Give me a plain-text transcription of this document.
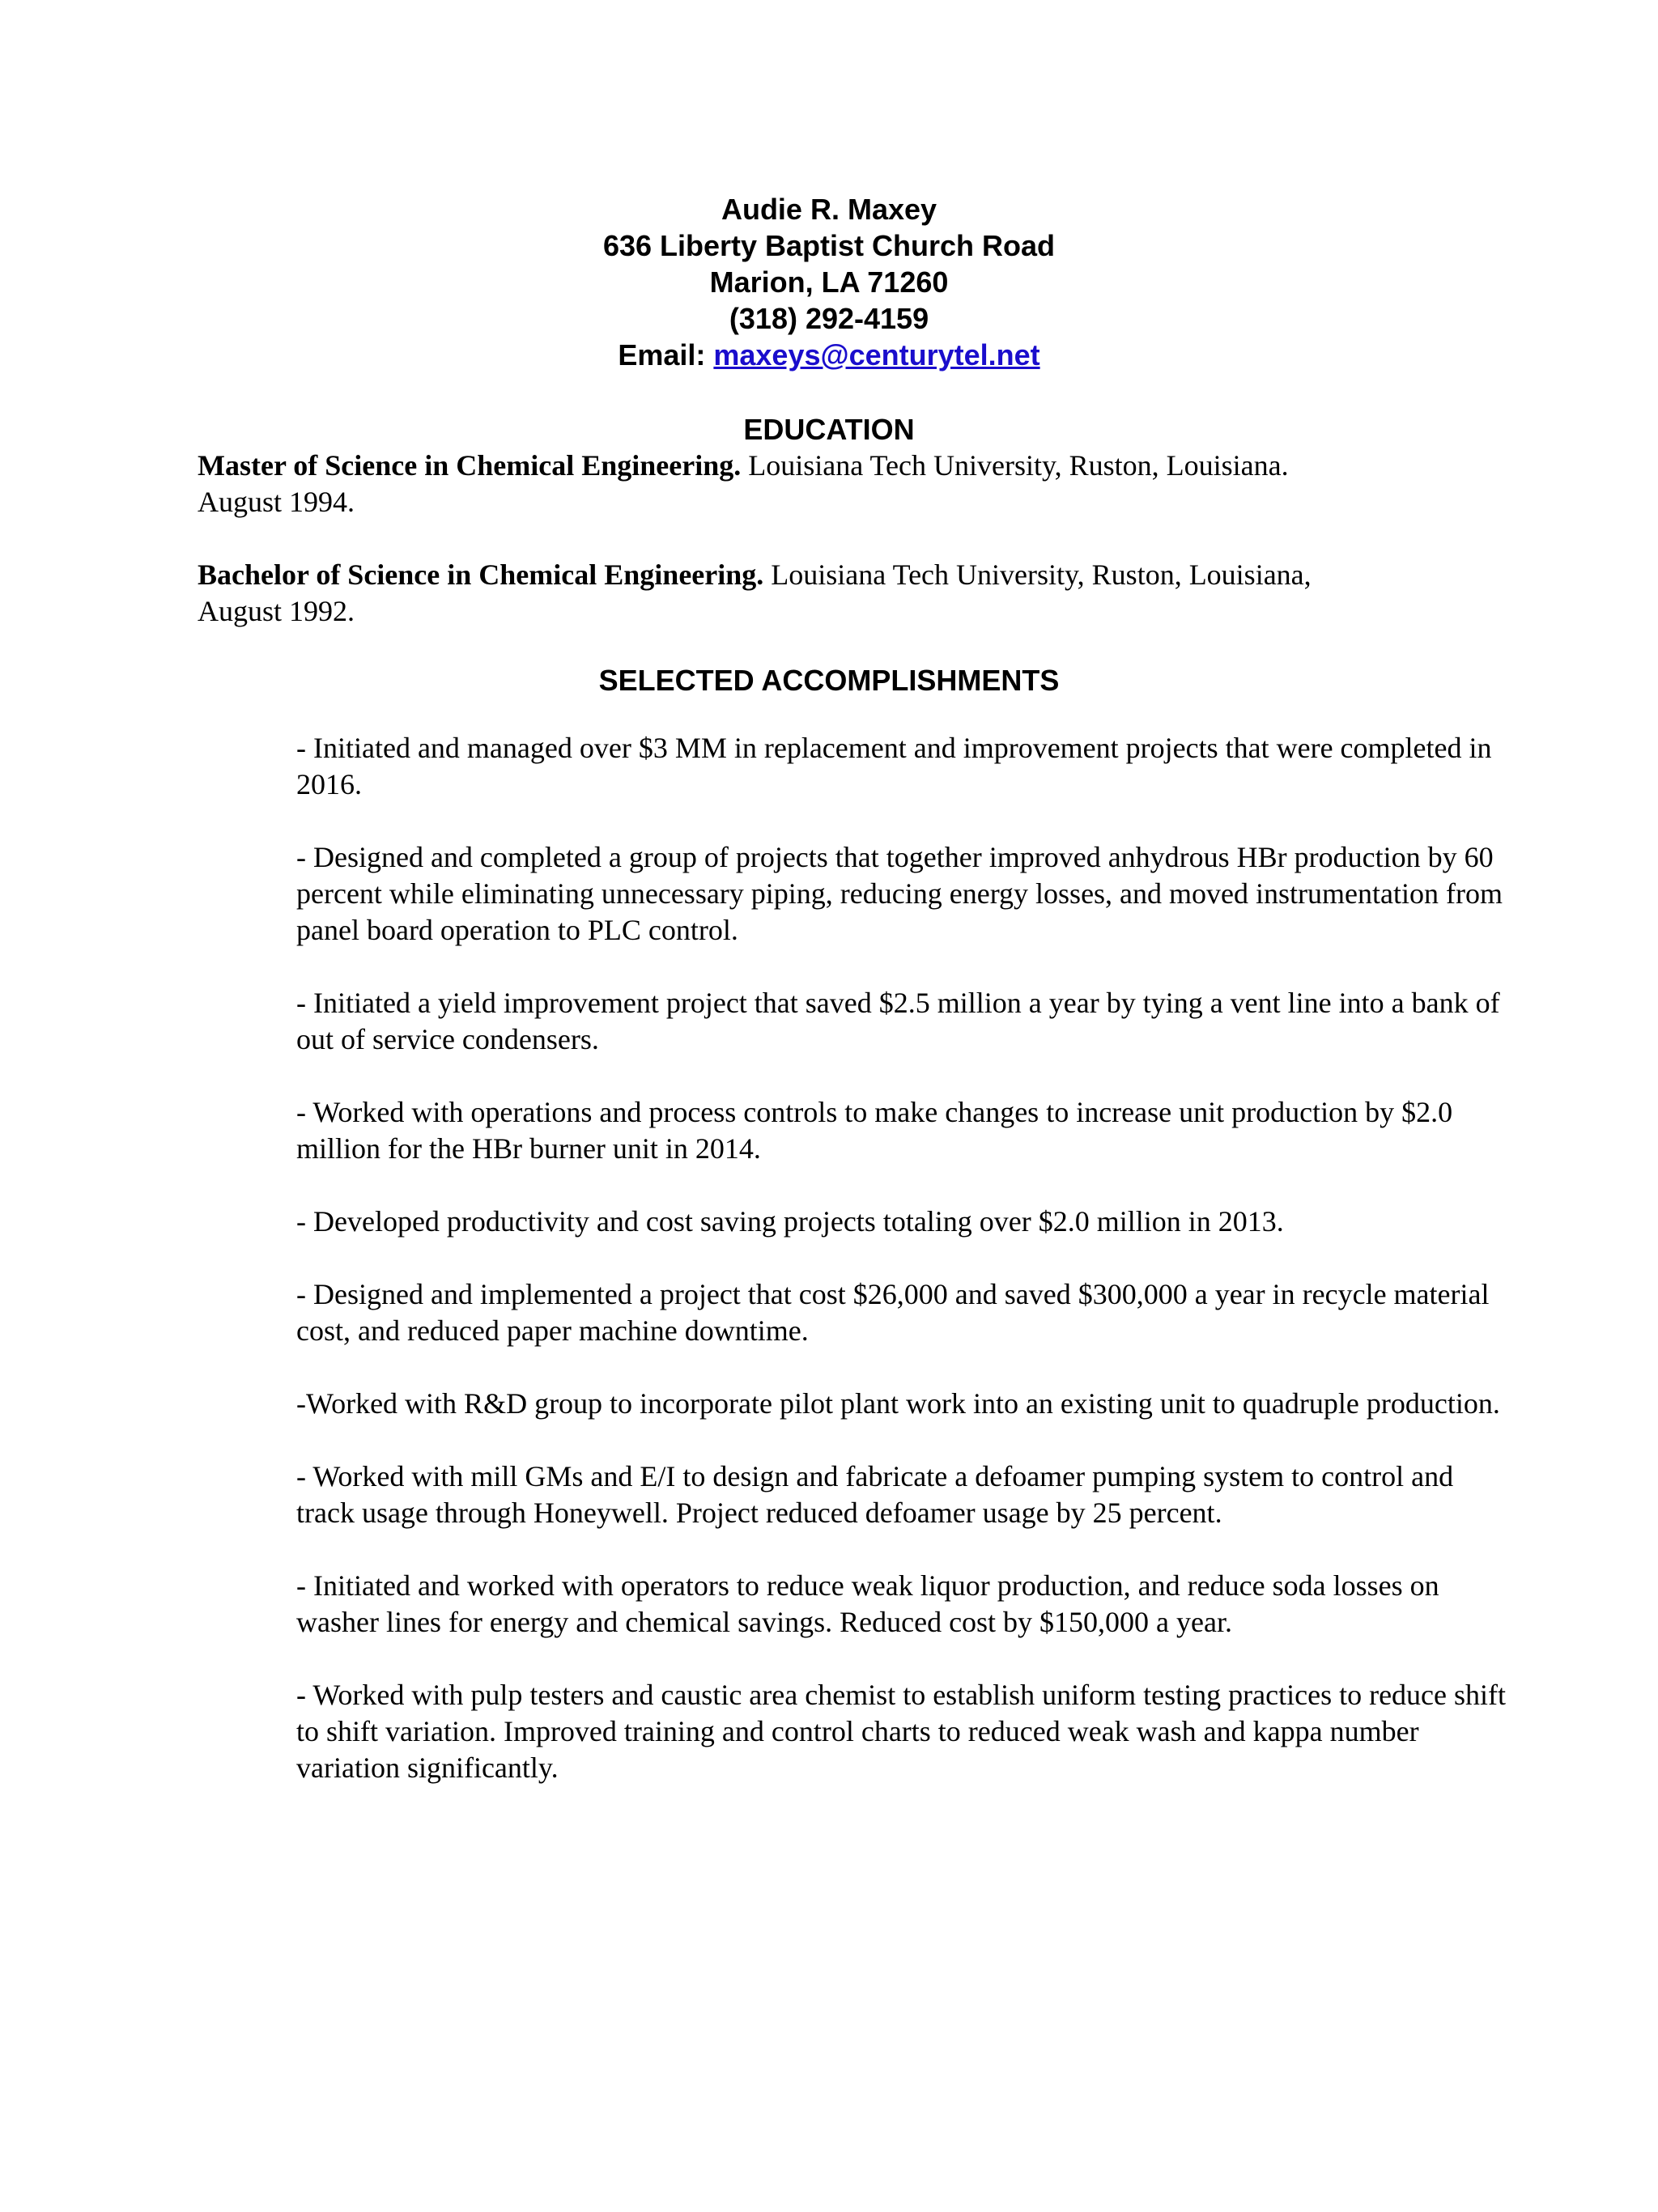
Audie R. Maxey
636 Liberty Baptist Church Road
Marion, LA 71260
(318) 292-4159
Email: maxeys@centurytel.net
EDUCATION
Master of Science in Chemical Engineering. Louisiana Tech University, Ruston, Louisiana.
August 1994.
Bachelor of Science in Chemical Engineering. Louisiana Tech University, Ruston, Louisiana,
August 1992.
SELECTED ACCOMPLISHMENTS

- Initiated and managed over $3 MM in replacement and improvement projects that were completed in 2016.

- Designed and completed a group of projects that together improved anhydrous HBr production by 60 percent while eliminating unnecessary piping, reducing energy losses, and moved instrumentation from panel board operation to PLC control.

- Initiated a yield improvement project that saved $2.5 million a year by tying a vent line into a bank of out of service condensers.

- Worked with operations and process controls to make changes to increase unit production by $2.0 million for the HBr burner unit in 2014.

- Developed productivity and cost saving projects totaling over $2.0 million in 2013.

- Designed and implemented a project that cost $26,000 and saved $300,000 a year in recycle material cost, and reduced paper machine downtime.

-Worked with R&D group to incorporate pilot plant work into an existing unit to quadruple production.

- Worked with mill GMs and E/I to design and fabricate a defoamer pumping system to control and track usage through Honeywell. Project reduced defoamer usage by 25 percent.

- Initiated and worked with operators to reduce weak liquor production, and reduce soda losses on washer lines for energy and chemical savings. Reduced cost by $150,000 a year.

- Worked with pulp testers and caustic area chemist to establish uniform testing practices to reduce shift to shift variation. Improved training and control charts to reduced weak wash and kappa number variation significantly.
